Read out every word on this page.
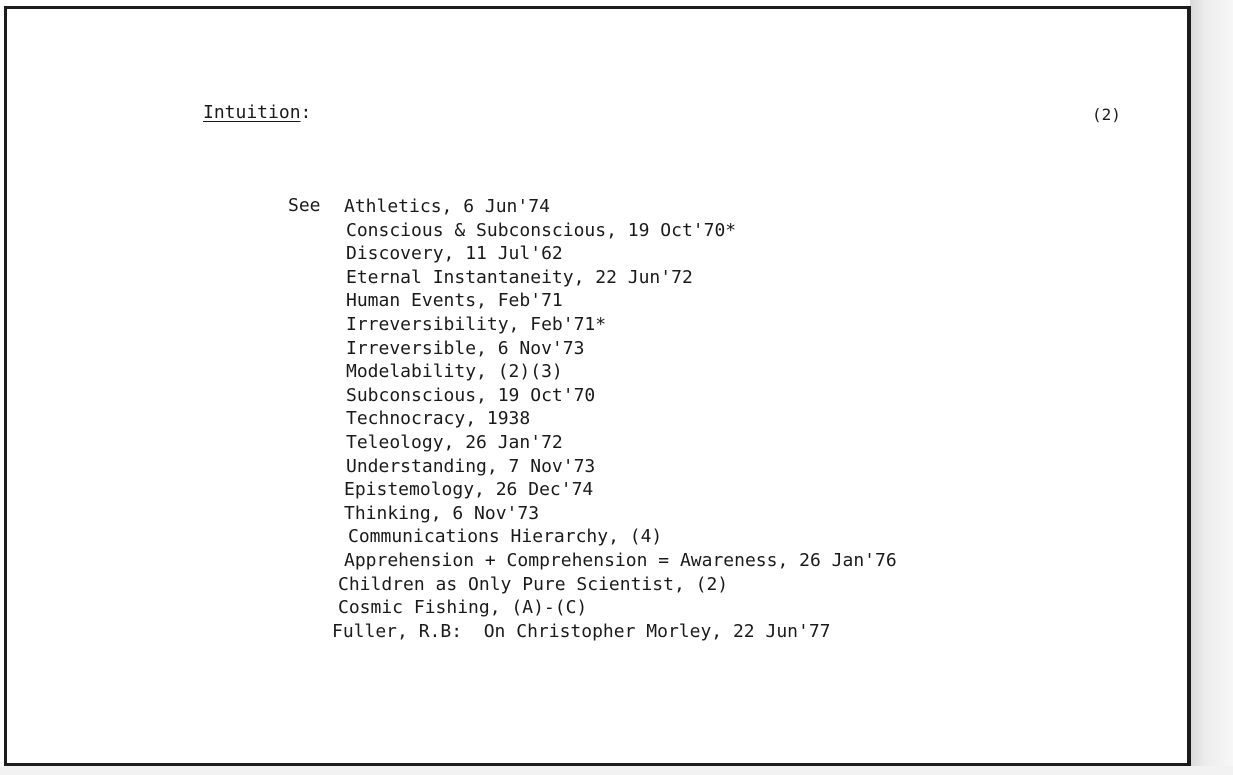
Intuition:	(2)
See Athletics, 6 Jun'74
Conscious & Subconscious, 19 Oct'70*
Discovery, 11 Jul'62
Eternal Instantaneity, 22 Jun'72
Human Events, Feb'71
Irreversibility, Feb'71*
Irreversible, 6 Nov'73
Modelability, (2)(3)
Subconscious, 19 Oct'70
Technocracy, 1938
Teleology, 26 Jan'72
Understanding, 7 Nov'73
Epistemology, 26 Dec'74
Thinking, 6 Nov'73
Communications Hierarchy, (4)
Apprehension + Comprehension = Awareness, 26 Jan'76
Children as Only Pure Scientist, (2)
Cosmic Fishing, (A)-(C)
Fuller, R.B:  On Christopher Morley, 22 Jun'77
